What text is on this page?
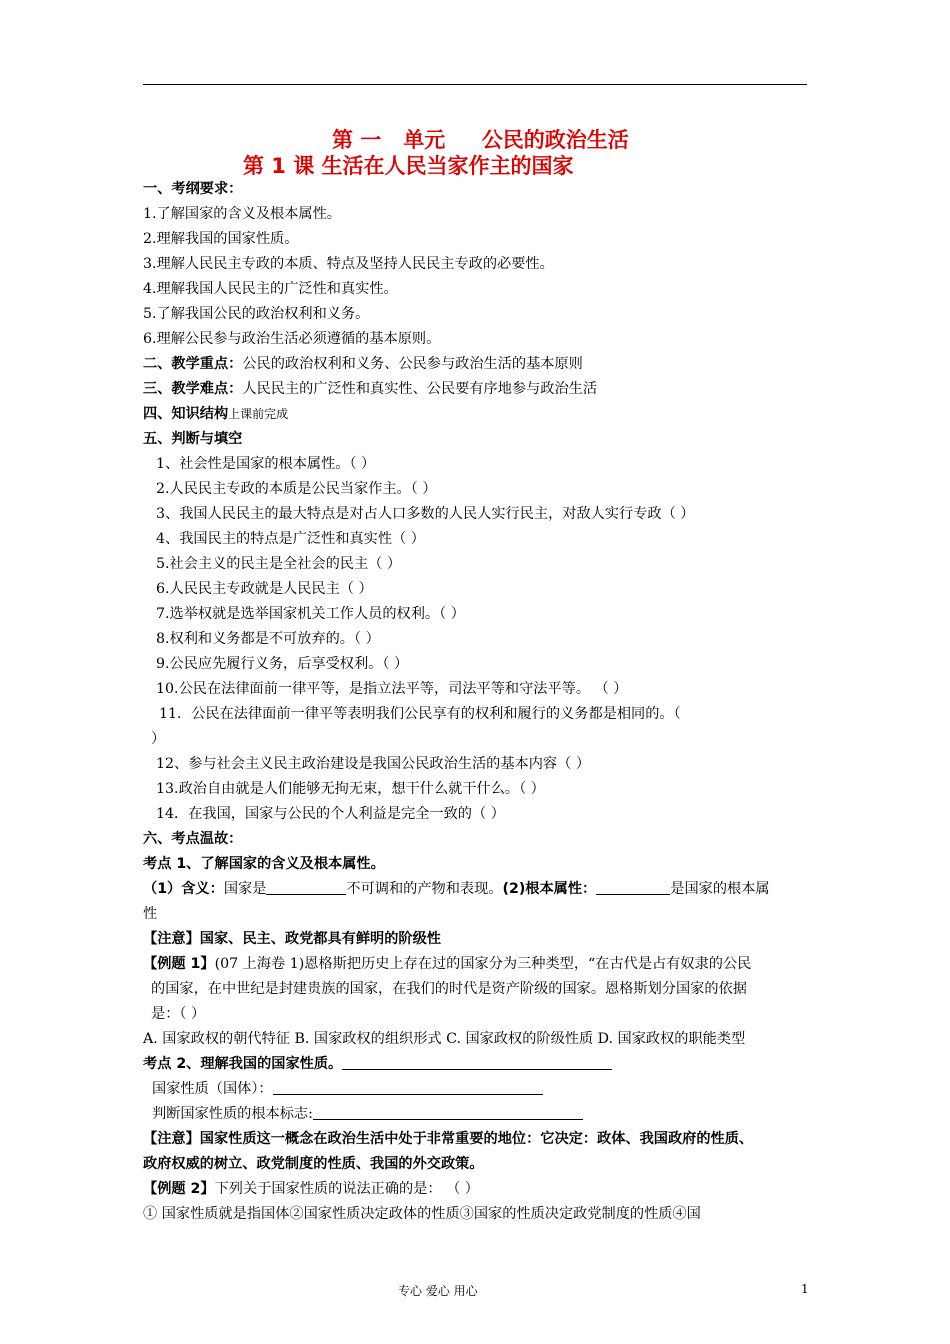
第 一   单元     公民的政治生活
第 1 课 生活在人民当家作主的国家
一、考纲要求：
1.了解国家的含义及根本属性。
2.理解我国的国家性质。
3.理解人民民主专政的本质、特点及坚持人民民主专政的必要性。
4.理解我国人民民主的广泛性和真实性。
5.了解我国公民的政治权利和义务。
6.理解公民参与政治生活必须遵循的基本原则。
二、教学重点：公民的政治权利和义务、公民参与政治生活的基本原则
三、教学难点：人民民主的广泛性和真实性、公民要有序地参与政治生活
四、知识结构上课前完成
五、判断与填空
1、社会性是国家的根本属性。（ ）
2.人民民主专政的本质是公民当家作主。（ ）
3、我国人民民主的最大特点是对占人口多数的人民人实行民主，对敌人实行专政（ ）
4、我国民主的特点是广泛性和真实性（ ）
5.社会主义的民主是全社会的民主（ ）
6.人民民主专政就是人民民主（ ）
7.选举权就是选举国家机关工作人员的权利。（ ）
8.权利和义务都是不可放弃的。（ ）
9.公民应先履行义务，后享受权利。（ ）
10.公民在法律面前一律平等，是指立法平等，司法平等和守法平等。 （ ）
11．公民在法律面前一律平等表明我们公民享有的权利和履行的义务都是相同的。（
）
12、参与社会主义民主政治建设是我国公民政治生活的基本内容（ ）
13.政治自由就是人们能够无拘无束，想干什么就干什么。（ ）
14．在我国，国家与公民的个人利益是完全一致的（ ）
六、考点温故：
考点 1、了解国家的含义及根本属性。
（1）含义：国家是	不可调和的产物和表现。(2)根本属性：	是国家的根本属
性
【注意】国家、民主、政党都具有鲜明的阶级性
【例题 1】(07 上海卷 1)恩格斯把历史上存在过的国家分为三种类型，“在古代是占有奴隶的公民
的国家，在中世纪是封建贵族的国家，在我们的时代是资产阶级的国家。恩格斯划分国家的依据
是：（ ）
A. 国家政权的朝代特征 B. 国家政权的组织形式 C. 国家政权的阶级性质 D. 国家政权的职能类型
考点 2、理解我国的国家性质。
国家性质（国体）：
判断国家性质的根本标志:
【注意】国家性质这一概念在政治生活中处于非常重要的地位：它决定：政体、我国政府的性质、
政府权威的树立、政党制度的性质、我国的外交政策。
【例题 2】下列关于国家性质的说法正确的是： （ ）
① 国家性质就是指国体②国家性质决定政体的性质③国家的性质决定政党制度的性质④国
专心 爱心 用心	1
